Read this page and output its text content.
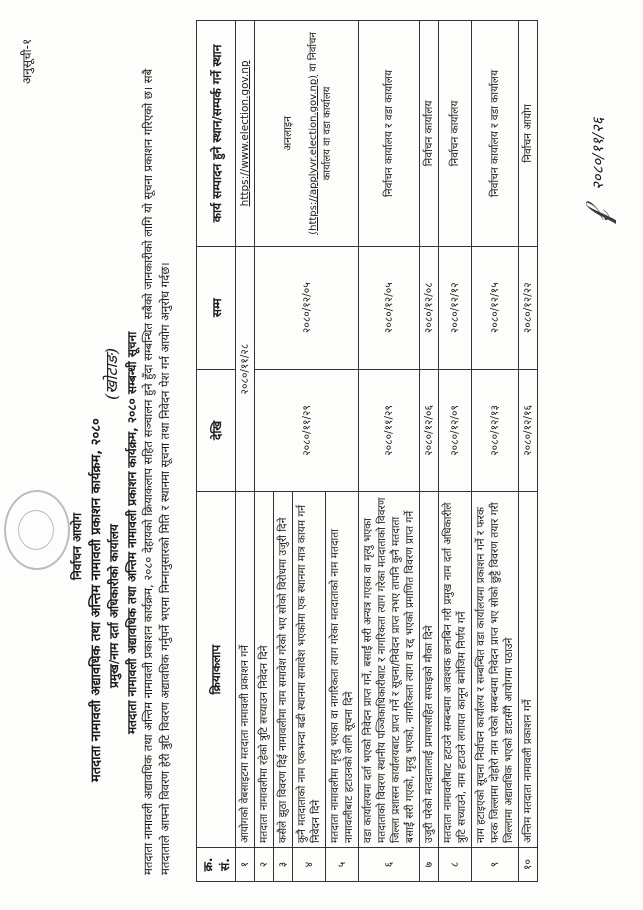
अनुसूची-१
निर्वाचन आयोग मतदाता नामावली अद्यावधिक तथा अन्तिम नामावली प्रकाशन कार्यक्रम, २०८० प्रमुख/नाम दर्ता अधिकारीको कार्यालय
(खोटाङ) मतदाता नामावली अद्यावधिक तथा अन्तिम नामावली प्रकाशन कार्यक्रम, २०८० सम्बन्धी सूचना मतदाता नामावली अद्यावधिक तथा अन्तिम नामावली प्रकाशन कार्यक्रम, २०८० देहायको क्रियाकलाप सहित सञ्चालन हुने हुँदा सम्बन्धित सबैको जानकारीको लागि यो सूचना प्रकाशन गरिएको छ। सबै मतदाताले आफ्नो विवरण हेरी त्रुटि विवरण अद्यावधिक गर्नुपर्ने भएमा निम्नानुसारको मिति र स्थानमा सूचना तथा निवेदन पेश गर्न आयोग अनुरोध गर्दछ। क्र. सं.	क्रियाकलाप	देखि	सम्म	कार्य सम्पादन हुने स्थान/सम्पर्क गर्ने स्थान
१	आयोगको वेबसाइटमा मतदाता नामावली प्रकाशन गर्ने	२०८०/११/२८		https://www.election.gov.np
२	मतदाता नामावलीमा रहेको त्रुटि सच्याउन निवेदन दिने	२०८०/११/२९	२०८०/१२/०५	अनलाइन (https://applyvr.election.gov.np) वा निर्वाचन कार्यालय वा वडा कार्यालय
३	कसैले झुठा विवरण दिई नामावलीमा नाम समावेश गरेको भए सोको विरोधमा उजुरी दिने			
४	कुनै मतदाताको नाम एकभन्दा बढी स्थानमा समावेश भएकोमा एक स्थानमा मात्र कायम गर्न निवेदन दिने			
५	मतदाता नामावलीमा मृत्यु भएका वा नागरिकता त्याग गरेका मतदाताको नाम मतदाता नामावलीबाट हटाउनको लागि सूचना दिने			
६	वडा कार्यालयमा दर्ता भएको निवेदन प्राप्त गर्ने, बसाईं सरी अन्यत्र गएका वा मृत्यु भएका मतदाताको विवरण स्थानीय पञ्जिकाधिकारीबाट र नागरिकता त्याग गरेका मतदाताको विवरण जिल्ला प्रशासन कार्यालयबाट प्राप्त गर्ने र सूचना/निवेदन प्राप्त नभए तापनि कुनै मतदाता बसाईं सरी गएको, मृत्यु भएको, नागरिकता त्याग वा रद्द भएको प्रमाणित विवरण प्राप्त गर्ने	२०८०/११/२९	२०८०/१२/०५	निर्वाचन कार्यालय र वडा कार्यालय
७	उजुरी परेको मतदातालाई प्रमाणसहित सफाइको मौका दिने	२०८०/१२/०६	२०८०/१२/०८	निर्वाचन कार्यालय
८	मतदाता नामावलीबाट हटाउने सम्बन्धमा आवश्यक छानबिन गरी प्रमुख नाम दर्ता अधिकारीले त्रुटि सच्याउने, नाम हटाउने लगायत कानून बमोजिम निर्णय गर्ने	२०८०/१२/०९	२०८०/१२/१२	निर्वाचन कार्यालय
९	नाम हटाइएको सूचना निर्वाचन कार्यालय र सम्बन्धित वडा कार्यालयमा प्रकाशन गर्ने र फरक फरक जिल्लामा दोहोरो नाम परेको सम्बन्धमा निवेदन प्राप्त भए सोको छुट्टै विवरण तयार गरी जिल्लामा अद्यावधिक भएको डाटासँगै आयोगमा पठाउने	२०८०/१२/१३	२०८०/१२/१५	निर्वाचन कार्यालय र वडा कार्यालय
१०	अन्तिम मतदाता नामावली प्रकाशन गर्ने	२०८०/१२/१६	२०८०/१२/२२	निर्वाचन आयोग
𝒻
२०८०/११/२६
